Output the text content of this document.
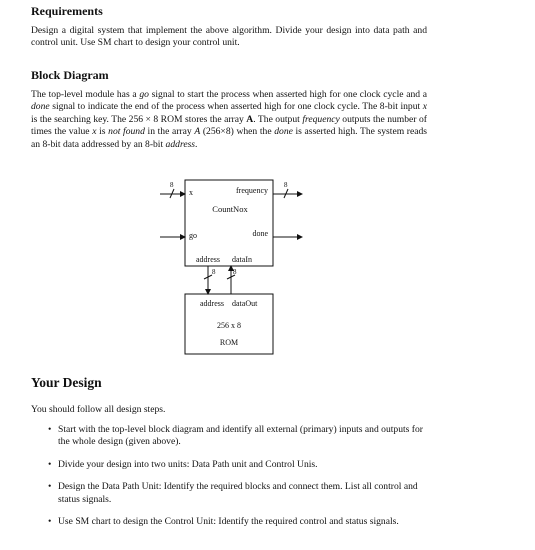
Requirements

Design a digital system that implement the above algorithm. Divide your design into data path and control unit. Use SM chart to design your control unit.

Block Diagram

The top-level module has a go signal to start the process when asserted high for one clock cycle and a done signal to indicate the end of the process when asserted high for one clock cycle. The 8-bit input x is the searching key. The 256 × 8 ROM stores the array A. The output frequency outputs the number of times the value x is not found in the array A (256×8) when the done is asserted high. The system reads an 8-bit data addressed by an 8-bit address.

CountNox
x	frequency
go	done
address dataIn
8	8
8	8
address dataOut
256 x 8
ROM
Your Design

You should follow all design steps.

• Start with the top-level block diagram and identify all external (primary) inputs and outputs for the whole design (given above).
• Divide your design into two units: Data Path unit and Control Unis.
• Design the Data Path Unit: Identify the required blocks and connect them. List all control and status signals.
• Use SM chart to design the Control Unit: Identify the required control and status signals.
